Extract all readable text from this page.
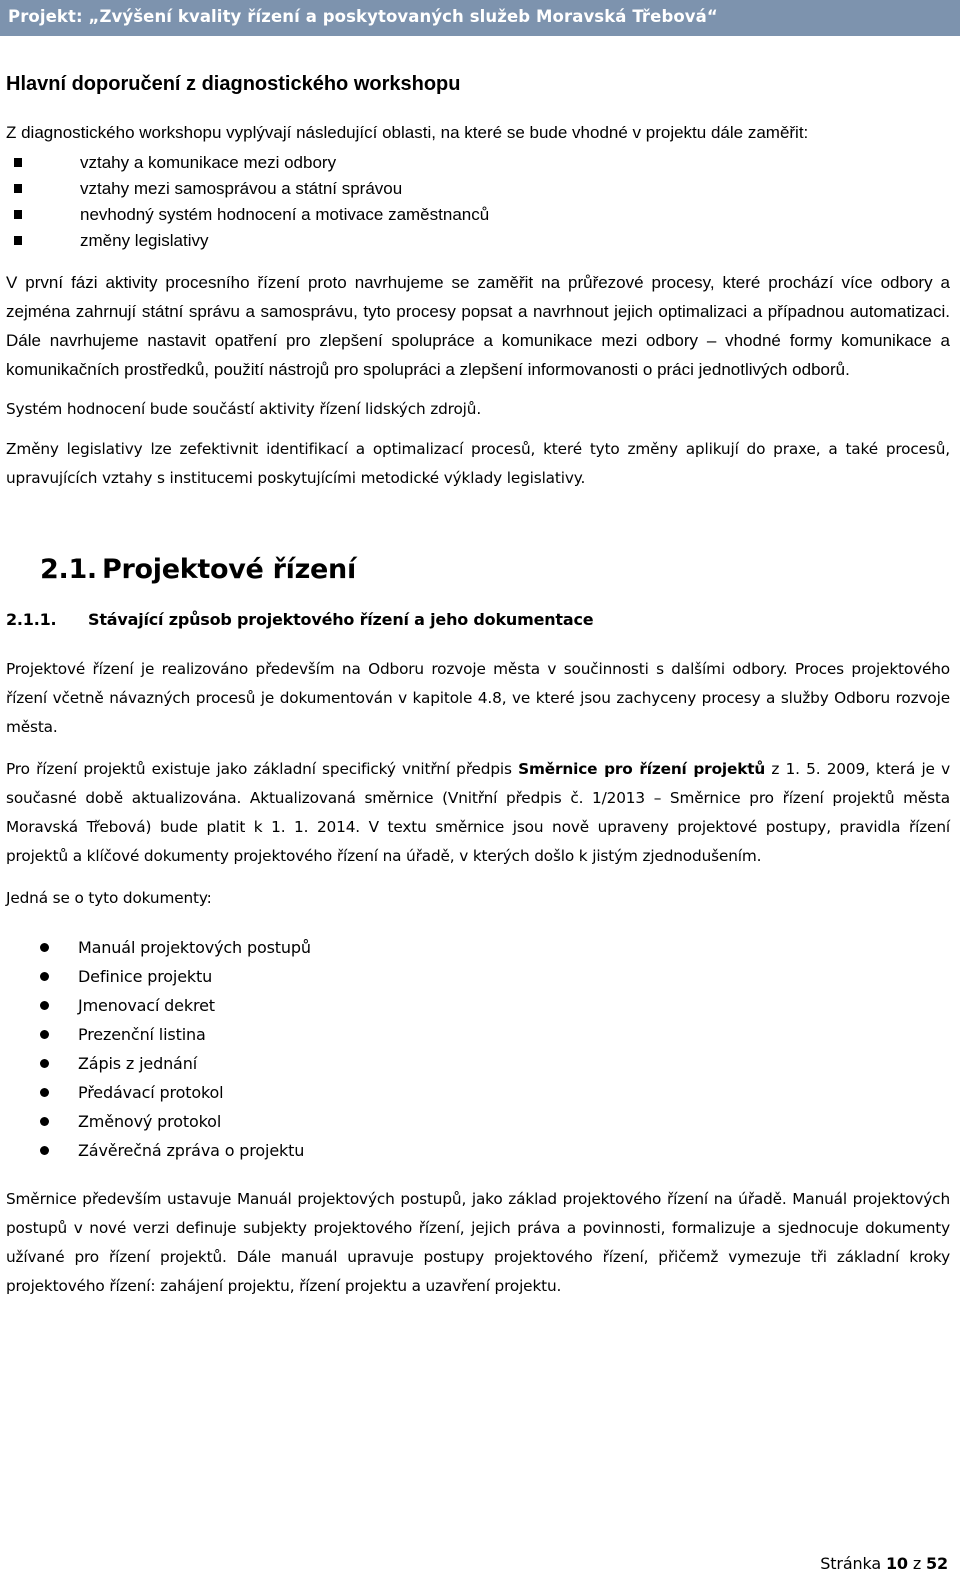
Projekt: „Zvýšení kvality řízení a poskytovaných služeb Moravská Třebová“
Hlavní doporučení z diagnostického workshopu

Z diagnostického workshopu vyplývají následující oblasti, na které se bude vhodné v projektu dále zaměřit:

vztahy a komunikace mezi odbory
vztahy mezi samosprávou a státní správou
nevhodný systém hodnocení a motivace zaměstnanců
změny legislativy

V první fázi aktivity procesního řízení proto navrhujeme se zaměřit na průřezové procesy, které prochází více odbory a zejména zahrnují státní správu a samosprávu, tyto procesy popsat a navrhnout jejich optimalizaci a případnou automatizaci. Dále navrhujeme nastavit opatření pro zlepšení spolupráce a komunikace mezi odbory – vhodné formy komunikace a komunikačních prostředků, použití nástrojů pro spolupráci a zlepšení informovanosti o práci jednotlivých odborů.

Systém hodnocení bude součástí aktivity řízení lidských zdrojů.

Změny legislativy lze zefektivnit identifikací a optimalizací procesů, které tyto změny aplikují do praxe, a také procesů, upravujících vztahy s institucemi poskytujícími metodické výklady legislativy.

2.1. Projektové řízení
2.1.1. Stávající způsob projektového řízení a jeho dokumentace

Projektové řízení je realizováno především na Odboru rozvoje města v součinnosti s dalšími odbory. Proces projektového řízení včetně návazných procesů je dokumentován v kapitole 4.8, ve které jsou zachyceny procesy a služby Odboru rozvoje města.

Pro řízení projektů existuje jako základní specifický vnitřní předpis Směrnice pro řízení projektů z 1. 5. 2009, která je v současné době aktualizována. Aktualizovaná směrnice (Vnitřní předpis č. 1/2013 – Směrnice pro řízení projektů města Moravská Třebová) bude platit k 1. 1. 2014. V textu směrnice jsou nově upraveny projektové postupy, pravidla řízení projektů a klíčové dokumenty projektového řízení na úřadě, v kterých došlo k jistým zjednodušením.

Jedná se o tyto dokumenty:

Manuál projektových postupů
Definice projektu
Jmenovací dekret
Prezenční listina
Zápis z jednání
Předávací protokol
Změnový protokol
Závěrečná zpráva o projektu

Směrnice především ustavuje Manuál projektových postupů, jako základ projektového řízení na úřadě. Manuál projektových postupů v nové verzi definuje subjekty projektového řízení, jejich práva a povinnosti, formalizuje a sjednocuje dokumenty užívané pro řízení projektů. Dále manuál upravuje postupy projektového řízení, přičemž vymezuje tři základní kroky projektového řízení: zahájení projektu, řízení projektu a uzavření projektu.

Stránka 10 z 52
